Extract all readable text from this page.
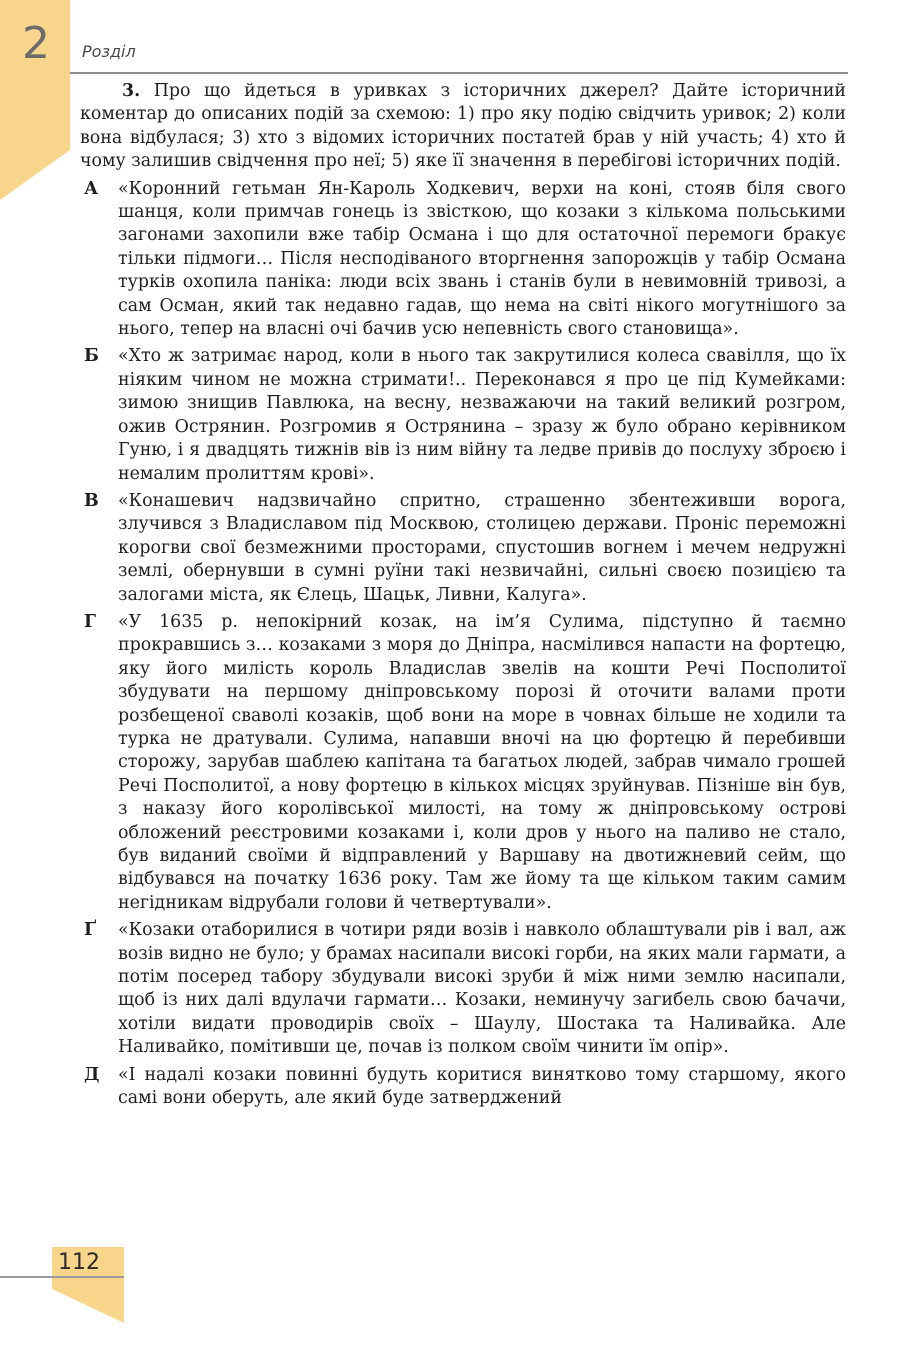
2	Розділ

3. Про що йдеться в уривках з історичних джерел? Дайте історичний коментар до описаних подій за схемою: 1) про яку подію свідчить уривок; 2) коли вона відбулася; 3) хто з відомих історичних постатей брав у ній участь; 4) хто й чому залишив свідчення про неї; 5) яке її значення в перебігові історичних подій.

А	«Коронний гетьман Ян-Кароль Ходкевич, верхи на коні, стояв біля свого шанця, коли примчав гонець із звісткою, що козаки з кількома польськими загонами захопили вже табір Османа і що для остаточної перемоги бракує тільки підмоги… Після несподіваного вторгнення запорожців у табір Османа турків охопила паніка: люди всіх звань і станів були в невимовній тривозі, а сам Осман, який так недавно гадав, що нема на світі нікого могутнішого за нього, тепер на власні очі бачив усю непевність свого становища».

Б	«Хто ж затримає народ, коли в нього так закрутилися колеса свавілля, що їх ніяким чином не можна стримати!.. Переконався я про це під Кумейками: зимою знищив Павлюка, на весну, незважаючи на такий великий розгром, ожив Острянин. Розгромив я Острянина – зразу ж було обрано керівником Гуню, і я двадцять тижнів вів із ним війну та ледве привів до послуху зброєю і немалим пролиттям крові».

В	«Конашевич надзвичайно спритно, страшенно збентеживши ворога, злучився з Владиславом під Москвою, столицею держави. Проніс переможні корогви свої безмежними просторами, спустошив вогнем і мечем недружні землі, обернувши в сумні руїни такі незвичайні, сильні своєю позицією та залогами міста, як Єлець, Шацьк, Ливни, Калуга».

Г	«У 1635 р. непокірний козак, на ім’я Сулима, підступно й таємно прокравшись з… козаками з моря до Дніпра, насмілився напасти на фортецю, яку його милість король Владислав звелів на кошти Речі Посполитої збудувати на першому дніпровському порозі й оточити валами проти розбещеної сваволі козаків, щоб вони на море в човнах більше не ходили та турка не дратували. Сулима, напавши вночі на цю фортецю й перебивши сторожу, зарубав шаблею капітана та багатьох людей, забрав чимало грошей Речі Посполитої, а нову фортецю в кількох місцях зруйнував. Пізніше він був, з наказу його королівської милості, на тому ж дніпровському острові обложений реєстровими козаками і, коли дров у нього на паливо не стало, був виданий своїми й відправлений у Варшаву на двотижневий сейм, що відбувався на початку 1636 року. Там же йому та ще кільком таким самим негідникам відрубали голови й четвертували».

Ґ	«Козаки отаборилися в чотири ряди возів і навколо облаштували рів і вал, аж возів видно не було; у брамах насипали високі горби, на яких мали гармати, а потім посеред табору збудували високі зруби й між ними землю насипали, щоб із них далі вдулачи гармати… Козаки, неминучу загибель свою бачачи, хотіли видати проводирів своїх – Шаулу, Шостака та Наливайка. Але Наливайко, помітивши це, почав із полком своїм чинити їм опір».

Д	«І надалі козаки повинні будуть коритися винятково тому старшому, якого самі вони оберуть, але який буде затверджений

112
